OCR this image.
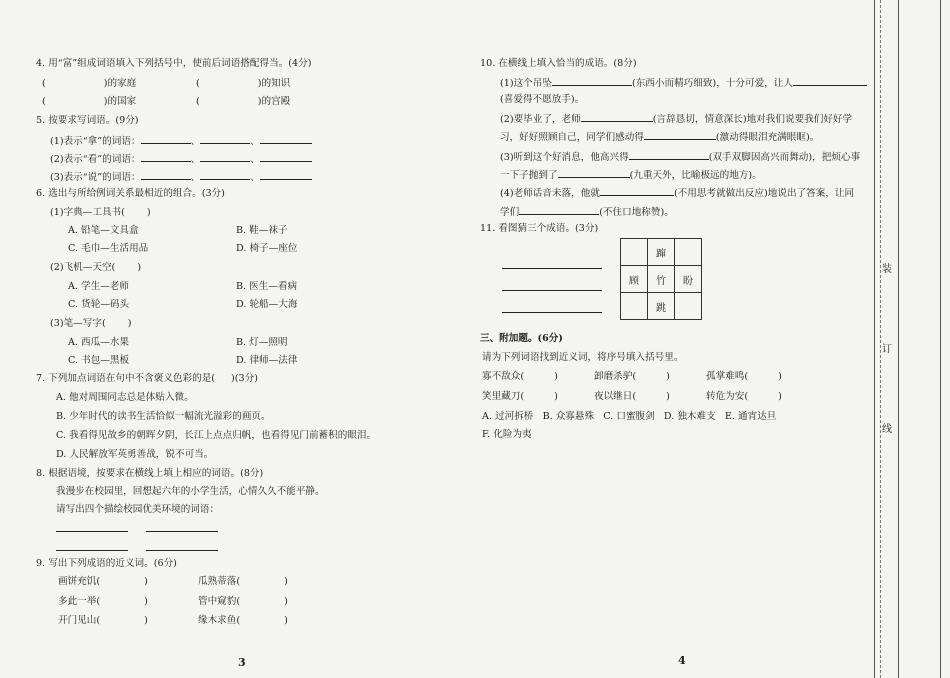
4. 用“富”组成词语填入下列括号中，使前后词语搭配得当。(4分)
(	)的家庭	(	)的知识
(	)的国家	(	)的宫殿
5. 按要求写词语。(9分)
(1)表示“拿”的词语：	、	、
(2)表示“看”的词语：	、	、
(3)表示“说”的词语：	、	、
6. 选出与所给例词关系最相近的组合。(3分)
(1)字典—工具书( )
A. 铅笔—文具盒	B. 鞋—袜子
C. 毛巾—生活用品	D. 椅子—座位
(2)飞机—天空( )
A. 学生—老师	B. 医生—看病
C. 货轮—码头	D. 轮船—大海
(3)笔—写字( )
A. 西瓜—水果	B. 灯—照明
C. 书包—黑板	D. 律师—法律
7. 下列加点词语在句中不含褒义色彩的是( )(3分)
A. 他对周围同志总是体贴入微。
B. 少年时代的读书生活恰似一幅流光溢彩的画页。
C. 我看得见故乡的朝晖夕阴，长江上点点归帆，也看得见门前蓄积的眼泪。
D. 人民解放军英勇善战，锐不可当。
8. 根据语境，按要求在横线上填上相应的词语。(8分)
我漫步在校园里，回想起六年的小学生活，心情久久不能平静。
请写出四个描绘校园优美环境的词语：
9. 写出下列成语的近义词。(6分)
画饼充饥(	)	瓜熟蒂落(	)
多此一举(	)	管中窥豹(	)
开门见山(	)	缘木求鱼(	)
3
10. 在横线上填入恰当的成语。(8分)
(1)这个吊坠	(东西小而精巧细致)，十分可爱，让人
(喜爱得不愿放手)。
(2)要毕业了，老师	(言辞恳切，情意深长)地对我们说要我们好好学
习，好好照顾自己，同学们感动得	(激动得眼泪充满眼眶)。
(3)听到这个好消息，他高兴得	(双手双脚因高兴而舞动)，把烦心事
一下子抛到了	(九重天外，比喻极远的地方)。
(4)老师话音未落，他就	(不用思考就做出反应)地说出了答案，让同
学们	(不住口地称赞)。
11. 看图猜三个成语。(3分)
	蹿	
顾	竹	盼
	跳	
三、附加题。(6分)
请为下列词语找到近义词，将序号填入括号里。
寡不敌众(	)	卸磨杀驴(	)	孤掌难鸣(	)
笑里藏刀(	)	夜以继日(	)	转危为安(	)
A. 过河拆桥 B. 众寡悬殊 C. 口蜜腹剑 D. 独木难支 E. 通宵达旦
F. 化险为夷
4
装
订
线
